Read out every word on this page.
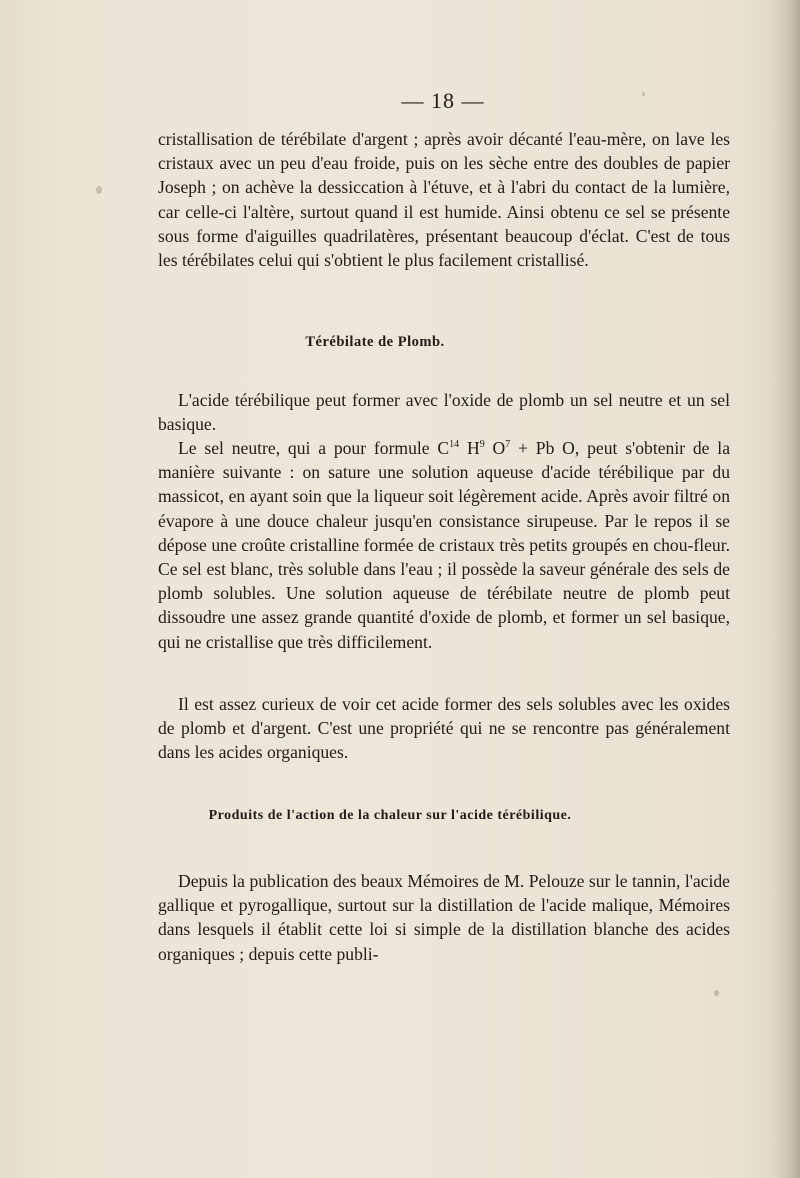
— 18 —

cristallisation de térébilate d'argent ; après avoir décanté l'eau-mère, on lave les cristaux avec un peu d'eau froide, puis on les sèche entre des doubles de papier Joseph ; on achève la dessiccation à l'étuve, et à l'abri du contact de la lumière, car celle-ci l'altère, surtout quand il est humide. Ainsi obtenu ce sel se présente sous forme d'aiguilles quadrilatères, présentant beaucoup d'éclat. C'est de tous les térébilates celui qui s'obtient le plus facilement cristallisé.

Térébilate de Plomb.

L'acide térébilique peut former avec l'oxide de plomb un sel neutre et un sel basique.

Le sel neutre, qui a pour formule $C^{14}$ $H^9$ $O^7 + Pb$ O, peut s'obtenir de la manière suivante : on sature une solution aqueuse d'acide térébilique par du massicot, en ayant soin que la liqueur soit légèrement acide. Après avoir filtré on évapore à une douce chaleur jusqu'en consistance sirupeuse. Par le repos il se dépose une croûte cristalline formée de cristaux très petits groupés en chou-fleur. Ce sel est blanc, très soluble dans l'eau ; il possède la saveur générale des sels de plomb solubles. Une solution aqueuse de térébilate neutre de plomb peut dissoudre une assez grande quantité d'oxide de plomb, et former un sel basique, qui ne cristallise que très difficilement.

Il est assez curieux de voir cet acide former des sels solubles avec les oxides de plomb et d'argent. C'est une propriété qui ne se rencontre pas généralement dans les acides organiques.

Produits de l'action de la chaleur sur l'acide térébilique.

Depuis la publication des beaux Mémoires de M. Pelouze sur le tannin, l'acide gallique et pyrogallique, surtout sur la distillation de l'acide malique, Mémoires dans lesquels il établit cette loi si simple de la distillation blanche des acides organiques ; depuis cette publi-
